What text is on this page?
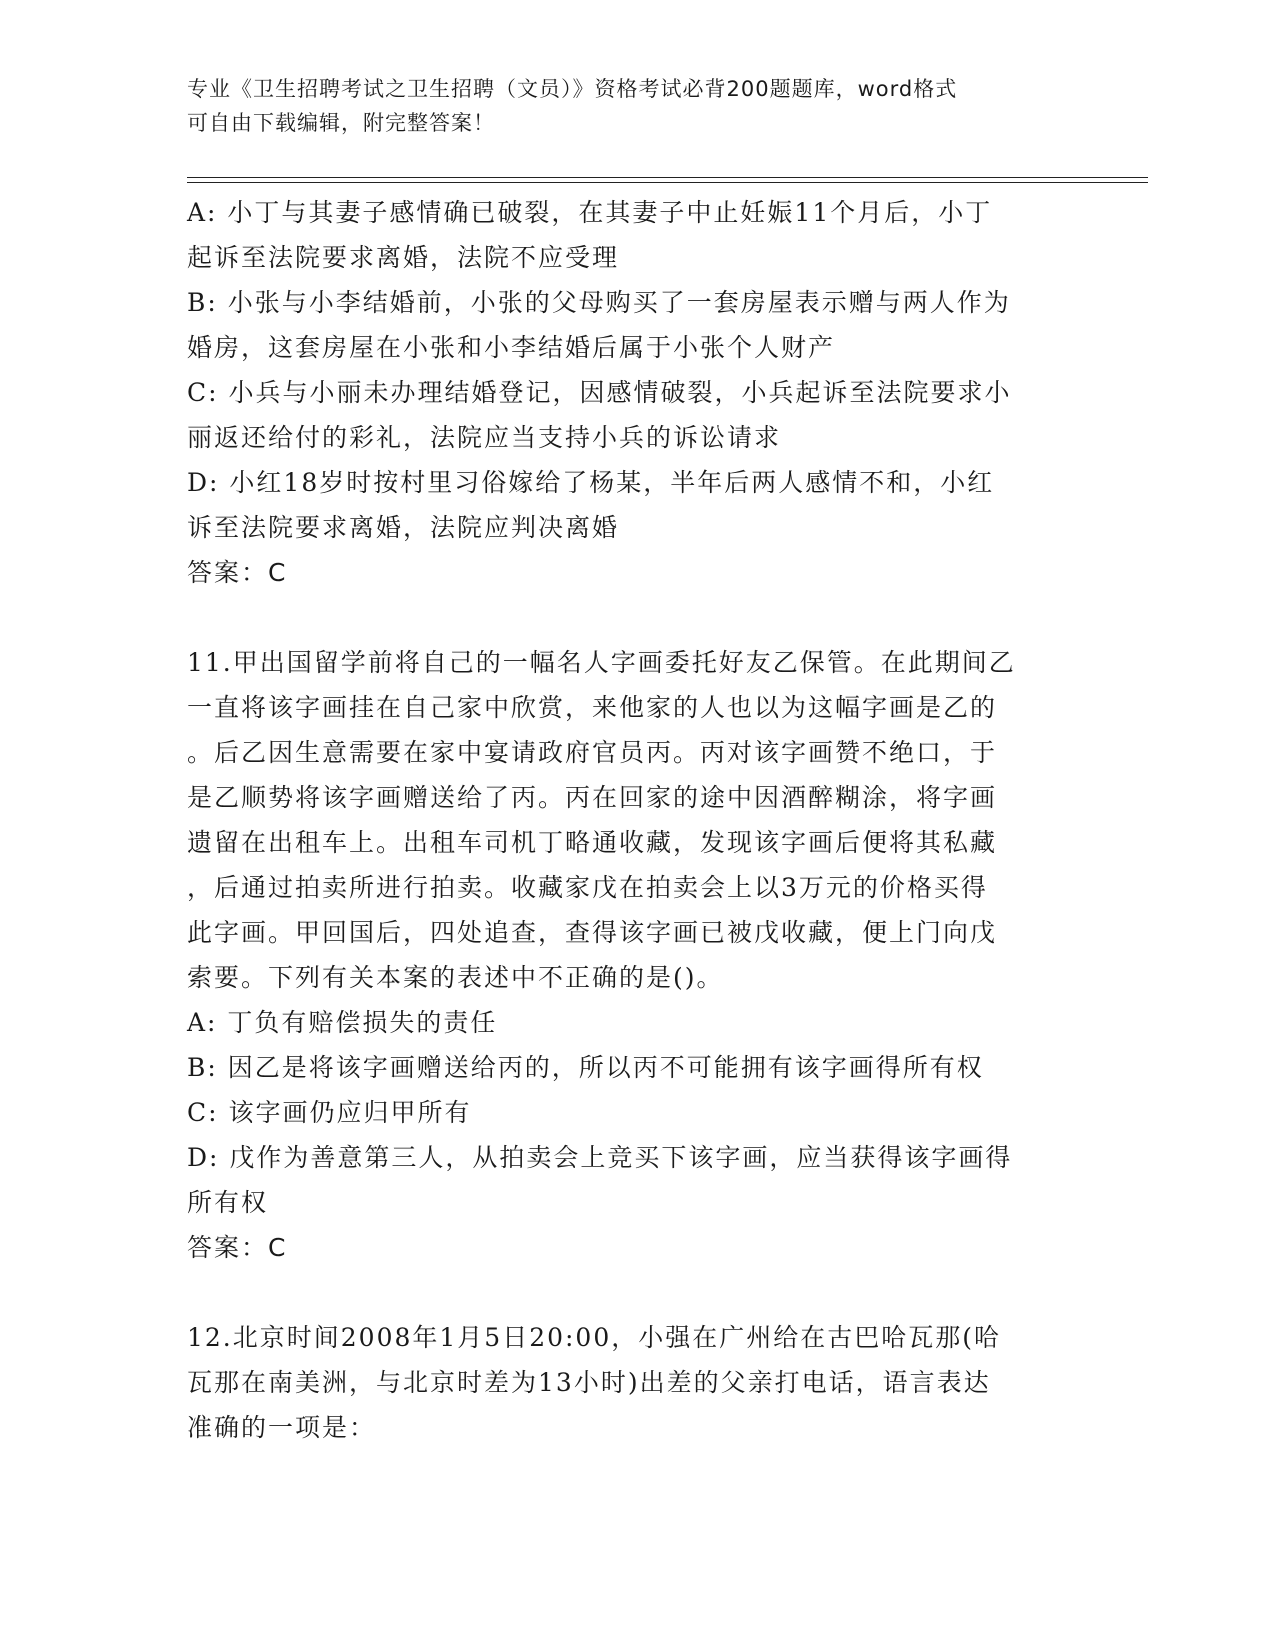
专业《卫生招聘考试之卫生招聘（文员）》资格考试必背200题题库，word格式
可自由下载编辑，附完整答案！

A: 小丁与其妻子感情确已破裂，在其妻子中止妊娠11个月后，小丁
起诉至法院要求离婚，法院不应受理

B: 小张与小李结婚前，小张的父母购买了一套房屋表示赠与两人作为
婚房，这套房屋在小张和小李结婚后属于小张个人财产

C: 小兵与小丽未办理结婚登记，因感情破裂，小兵起诉至法院要求小
丽返还给付的彩礼，法院应当支持小兵的诉讼请求

D: 小红18岁时按村里习俗嫁给了杨某，半年后两人感情不和，小红
诉至法院要求离婚，法院应判决离婚

答案：C

11.甲出国留学前将自己的一幅名人字画委托好友乙保管。在此期间乙
一直将该字画挂在自己家中欣赏，来他家的人也以为这幅字画是乙的
。后乙因生意需要在家中宴请政府官员丙。丙对该字画赞不绝口，于
是乙顺势将该字画赠送给了丙。丙在回家的途中因酒醉糊涂，将字画
遗留在出租车上。出租车司机丁略通收藏，发现该字画后便将其私藏
，后通过拍卖所进行拍卖。收藏家戊在拍卖会上以3万元的价格买得
此字画。甲回国后，四处追查，查得该字画已被戊收藏，便上门向戊
索要。下列有关本案的表述中不正确的是()。

A: 丁负有赔偿损失的责任

B: 因乙是将该字画赠送给丙的，所以丙不可能拥有该字画得所有权

C: 该字画仍应归甲所有

D: 戊作为善意第三人，从拍卖会上竞买下该字画，应当获得该字画得
所有权

答案：C

12.北京时间2008年1月5日20:00，小强在广州给在古巴哈瓦那(哈
瓦那在南美洲，与北京时差为13小时)出差的父亲打电话，语言表达
准确的一项是：
